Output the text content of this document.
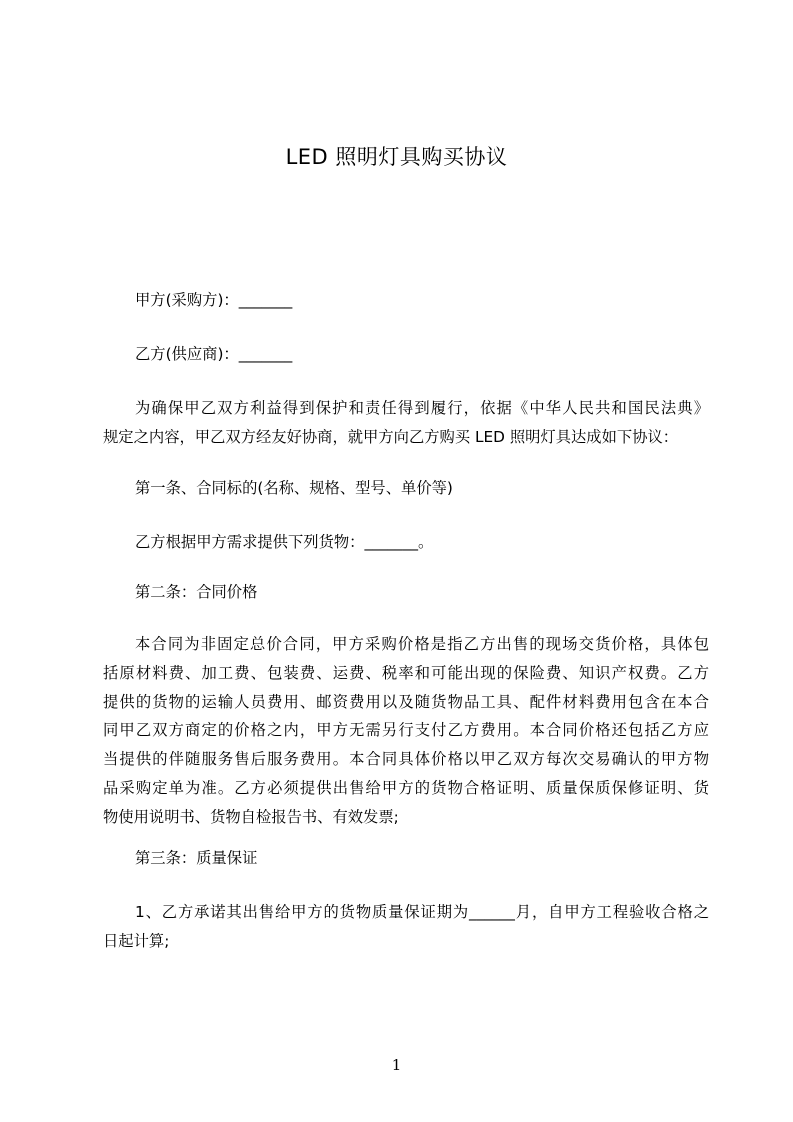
LED 照明灯具购买协议

甲方(采购方)：_______

乙方(供应商)：_______

为确保甲乙双方利益得到保护和责任得到履行，依据《中华人民共和国民法典》
规定之内容，甲乙双方经友好协商，就甲方向乙方购买 LED 照明灯具达成如下协议：

第一条、合同标的(名称、规格、型号、单价等)

乙方根据甲方需求提供下列货物：_______。

第二条：合同价格

本合同为非固定总价合同，甲方采购价格是指乙方出售的现场交货价格，具体包
括原材料费、加工费、包装费、运费、税率和可能出现的保险费、知识产权费。乙方
提供的货物的运输人员费用、邮资费用以及随货物品工具、配件材料费用包含在本合
同甲乙双方商定的价格之内，甲方无需另行支付乙方费用。本合同价格还包括乙方应
当提供的伴随服务售后服务费用。本合同具体价格以甲乙双方每次交易确认的甲方物
品采购定单为准。乙方必须提供出售给甲方的货物合格证明、质量保质保修证明、货
物使用说明书、货物自检报告书、有效发票;

第三条：质量保证

1、乙方承诺其出售给甲方的货物质量保证期为______月，自甲方工程验收合格之
日起计算;

1
